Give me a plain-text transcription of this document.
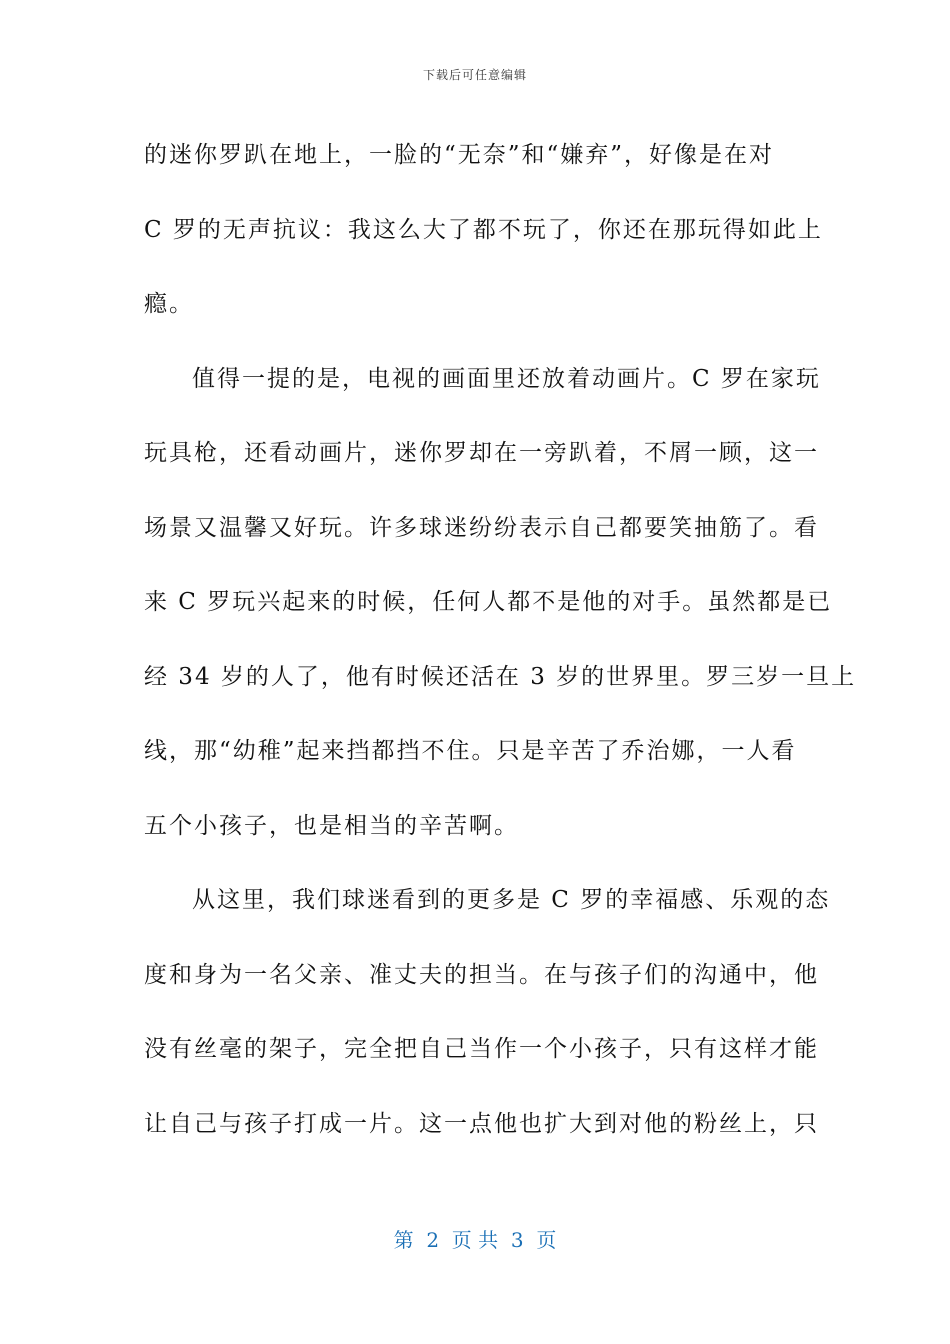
下载后可任意编辑
的迷你罗趴在地上，一脸的“无奈”和“嫌弃”，好像是在对
C 罗的无声抗议：我这么大了都不玩了，你还在那玩得如此上
瘾。
值得一提的是，电视的画面里还放着动画片。C 罗在家玩
玩具枪，还看动画片，迷你罗却在一旁趴着，不屑一顾，这一
场景又温馨又好玩。许多球迷纷纷表示自己都要笑抽筋了。看
来 C 罗玩兴起来的时候，任何人都不是他的对手。虽然都是已
经 34 岁的人了，他有时候还活在 3 岁的世界里。罗三岁一旦上
线，那“幼稚”起来挡都挡不住。只是辛苦了乔治娜，一人看
五个小孩子，也是相当的辛苦啊。
从这里，我们球迷看到的更多是 C 罗的幸福感、乐观的态
度和身为一名父亲、准丈夫的担当。在与孩子们的沟通中，他
没有丝毫的架子，完全把自己当作一个小孩子，只有这样才能
让自己与孩子打成一片。这一点他也扩大到对他的粉丝上，只
第  2  页 共  3  页
